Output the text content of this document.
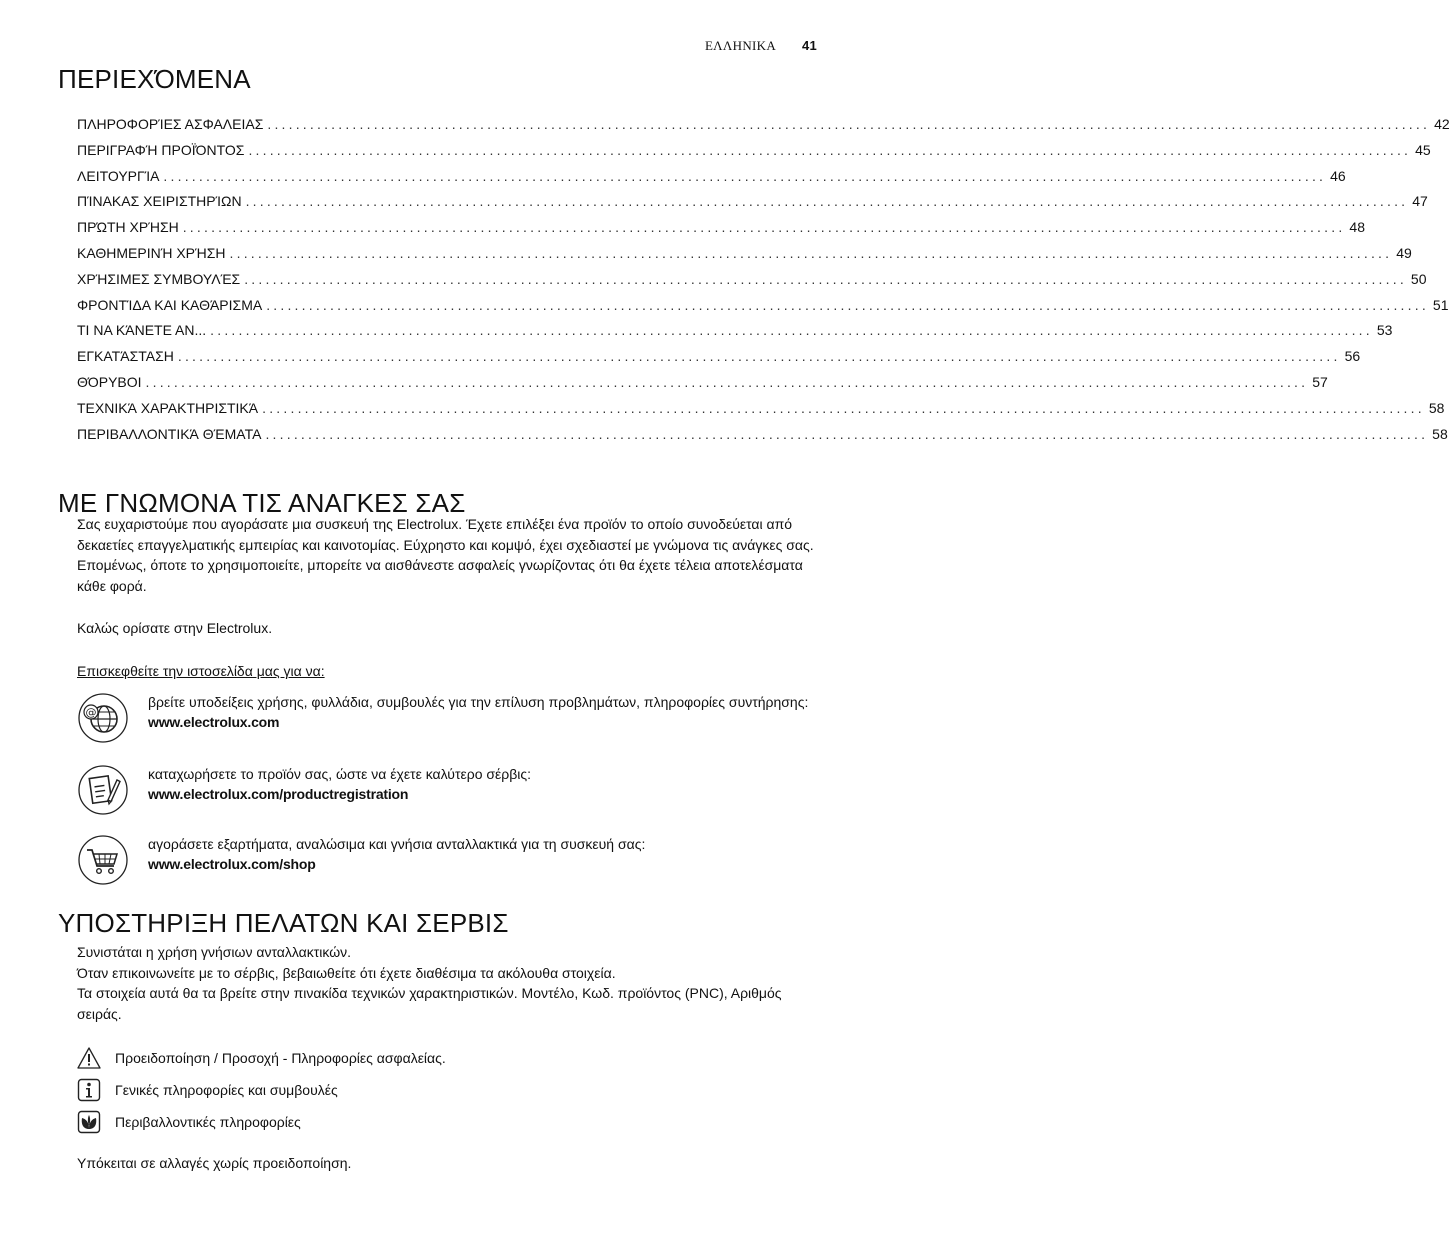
ΕΛΛΗΝΙΚΑ 41
ΠΕΡΙΕΧΌΜΕΝΑ
ΠΛΗΡΟΦΟΡΊΕΣ ΑΣΦΑΛΕΙΑΣ .................................................................................................................................................................... 42
ΠΕΡΙΓΡΑΦΉ ΠΡΟΪΌΝΤΟΣ .................................................................................................................................................................... 45
ΛΕΙΤΟΥΡΓΊΑ .................................................................................................................................................................... 46
ΠΊΝΑΚΑΣ ΧΕΙΡΙΣΤΗΡΊΩΝ .................................................................................................................................................................... 47
ΠΡΏΤΗ ΧΡΉΣΗ .................................................................................................................................................................... 48
ΚΑΘΗΜΕΡΙΝΉ ΧΡΉΣΗ .................................................................................................................................................................... 49
ΧΡΉΣΙΜΕΣ ΣΥΜΒΟΥΛΈΣ .................................................................................................................................................................... 50
ΦΡΟΝΤΊΔΑ ΚΑΙ ΚΑΘΆΡΙΣΜΑ .................................................................................................................................................................... 51
ΤΙ ΝΑ ΚΆΝΕΤΕ ΑΝ... .................................................................................................................................................................... 53
ΕΓΚΑΤΆΣΤΑΣΗ .................................................................................................................................................................... 56
ΘΌΡΥΒΟΙ .................................................................................................................................................................... 57
ΤΕΧΝΙΚΆ ΧΑΡΑΚΤΗΡΙΣΤΙΚΆ .................................................................................................................................................................... 58
ΠΕΡΙΒΑΛΛΟΝΤΙΚΆ ΘΈΜΑΤΑ .................................................................................................................................................................... 58
ΜΕ ΓΝΩΜΟΝΑ ΤΙΣ ΑΝΑΓΚΕΣ ΣΑΣ

Σας ευχαριστούμε που αγοράσατε μια συσκευή της Electrolux. Έχετε επιλέξει ένα προϊόν το οποίο συνοδεύεται από δεκαετίες επαγγελματικής εμπειρίας και καινοτομίας. Εύχρηστο και κομψό, έχει σχεδιαστεί με γνώμονα τις ανάγκες σας. Επομένως, όποτε το χρησιμοποιείτε, μπορείτε να αισθάνεστε ασφαλείς γνωρίζοντας ότι θα έχετε τέλεια αποτελέσματα κάθε φορά.

Καλώς ορίσατε στην Electrolux.

Επισκεφθείτε την ιστοσελίδα μας για να:

@
βρείτε υποδείξεις χρήσης, φυλλάδια, συμβουλές για την επίλυση προβλημάτων, πληροφορίες συντήρησης:
www.electrolux.com
καταχωρήσετε το προϊόν σας, ώστε να έχετε καλύτερο σέρβις:
www.electrolux.com/productregistration
αγοράσετε εξαρτήματα, αναλώσιμα και γνήσια ανταλλακτικά για τη συσκευή σας:
www.electrolux.com/shop
ΥΠΟΣΤΗΡΙΞΗ ΠΕΛΑΤΩΝ ΚΑΙ ΣΕΡΒΙΣ
Συνιστάται η χρήση γνήσιων ανταλλακτικών.
Όταν επικοινωνείτε με το σέρβις, βεβαιωθείτε ότι έχετε διαθέσιμα τα ακόλουθα στοιχεία.
Τα στοιχεία αυτά θα τα βρείτε στην πινακίδα τεχνικών χαρακτηριστικών. Μοντέλο, Κωδ. προϊόντος (PNC), Αριθμός σειράς.
Προειδοποίηση / Προσοχή - Πληροφορίες ασφαλείας.
Γενικές πληροφορίες και συμβουλές
Περιβαλλοντικές πληροφορίες

Υπόκειται σε αλλαγές χωρίς προειδοποίηση.
